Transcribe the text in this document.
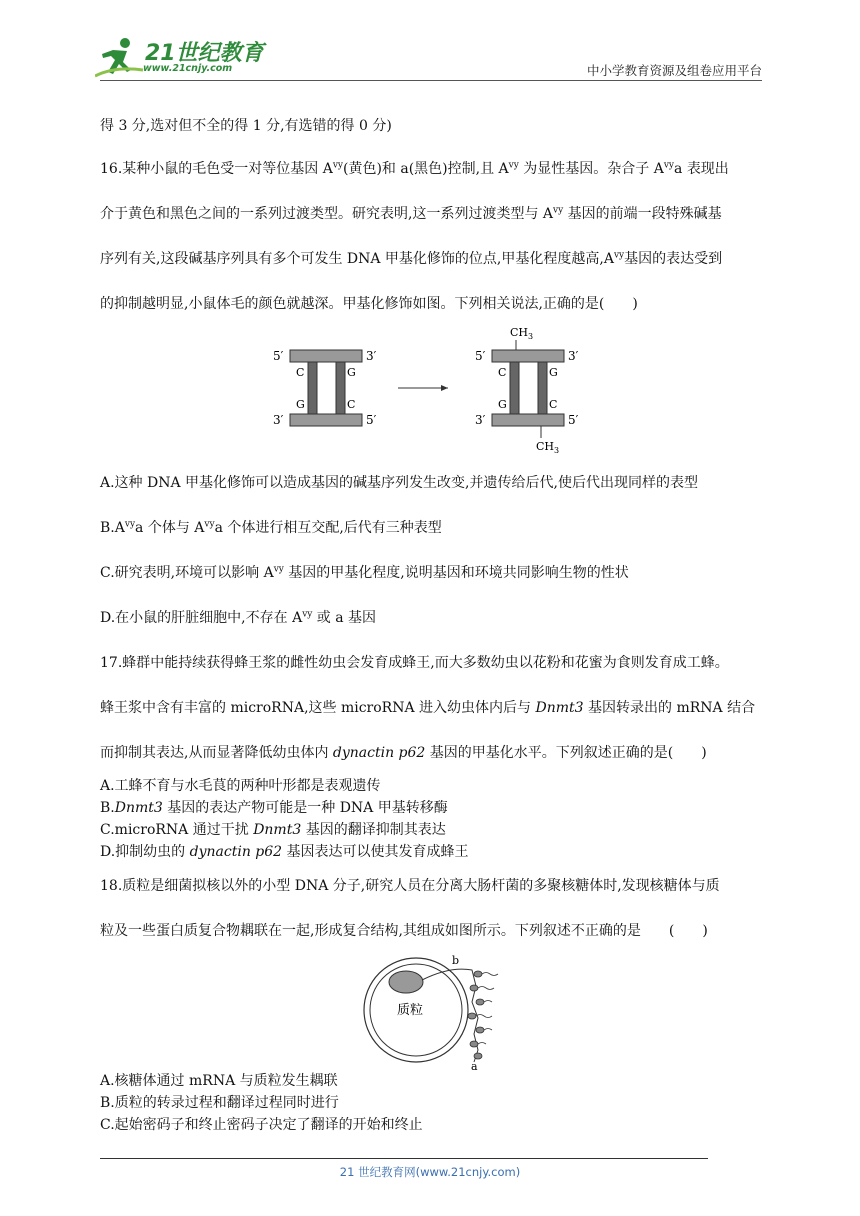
21世纪教育
www.21cnjy.com	中小学教育资源及组卷应用平台
得 3 分,选对但不全的得 1 分,有选错的得 0 分)
16.某种小鼠的毛色受一对等位基因 $A^{vy}$(黄色)和 a(黑色)控制,且 $A^{vy}$ 为显性基因。杂合子 $A^{vy}a$ 表现出
介于黄色和黑色之间的一系列过渡类型。研究表明,这一系列过渡类型与 $A^{vy}$ 基因的前端一段特殊碱基
序列有关,这段碱基序列具有多个可发生 DNA 甲基化修饰的位点,甲基化程度越高$,A^{vy}$基因的表达受到
的抑制越明显,小鼠体毛的颜色就越深。甲基化修饰如图。下列相关说法,正确的是(　　)
5′	3′
C	G
G	C
3′	5′
$CH_3$
5′	3′
C	G
G	C
3′	5′
$CH_3$
A.这种 DNA 甲基化修饰可以造成基因的碱基序列发生改变,并遗传给后代,使后代出现同样的表型
$B.A^{vy}a$ 个体与 $A^{vy}a$ 个体进行相互交配,后代有三种表型
C.研究表明,环境可以影响 $A^{vy}$ 基因的甲基化程度,说明基因和环境共同影响生物的性状
D.在小鼠的肝脏细胞中,不存在 $A^{vy}$ 或 a 基因
17.蜂群中能持续获得蜂王浆的雌性幼虫会发育成蜂王,而大多数幼虫以花粉和花蜜为食则发育成工蜂。
蜂王浆中含有丰富的 microRNA,这些 microRNA 进入幼虫体内后与 Dnmt3 基因转录出的 mRNA 结合
而抑制其表达,从而显著降低幼虫体内 dynactin p62 基因的甲基化水平。下列叙述正确的是(　　)
A.工蜂不育与水毛茛的两种叶形都是表观遗传
B.Dnmt3 基因的表达产物可能是一种 DNA 甲基转移酶
C.microRNA 通过干扰 Dnmt3 基因的翻译抑制其表达
D.抑制幼虫的 dynactin p62 基因表达可以使其发育成蜂王
18.质粒是细菌拟核以外的小型 DNA 分子,研究人员在分离大肠杆菌的多聚核糖体时,发现核糖体与质
粒及一些蛋白质复合物耦联在一起,形成复合结构,其组成如图所示。下列叙述不正确的是　　(　　)
质粒
b
a
A.核糖体通过 mRNA 与质粒发生耦联
B.质粒的转录过程和翻译过程同时进行
C.起始密码子和终止密码子决定了翻译的开始和终止
21 世纪教育网(www.21cnjy.com)
